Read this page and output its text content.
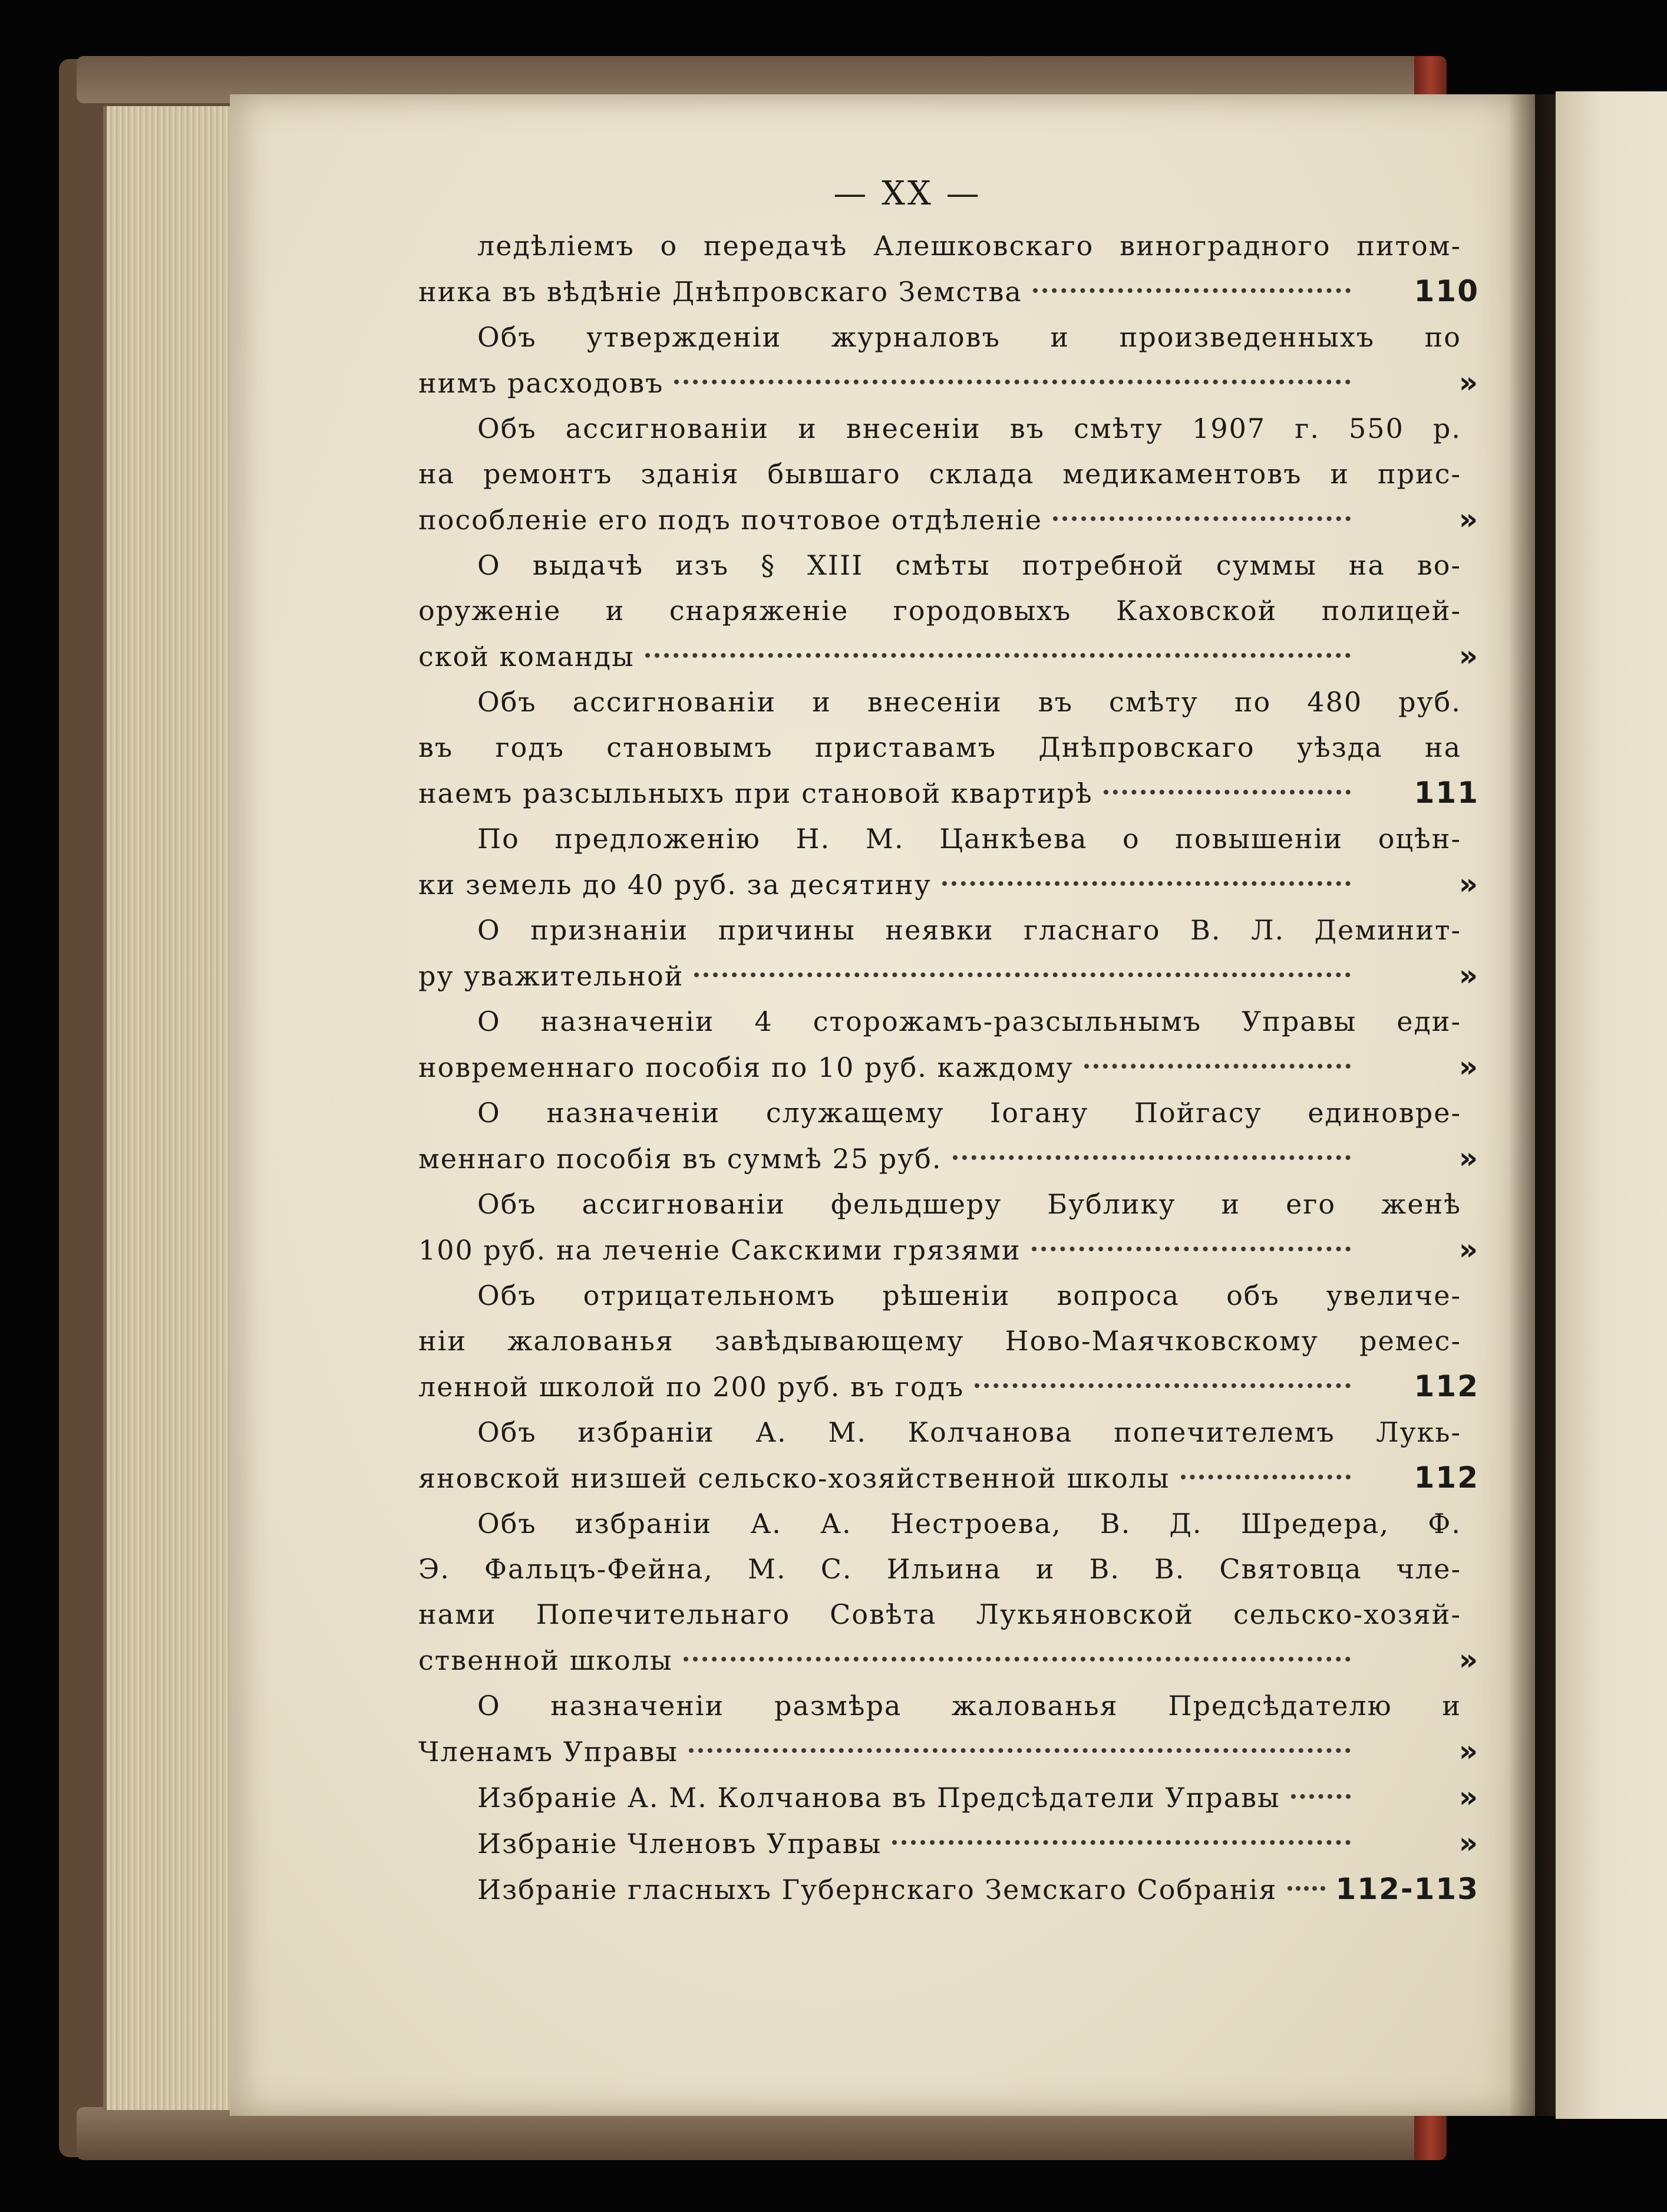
— XX —
ледѣліемъ о передачѣ Алешковскаго виноградного питом-
ника въ вѣдѣніе Днѣпровскаго Земства	110
Объ утвержденіи журналовъ и произведенныхъ по
нимъ расходовъ	»
Объ ассигнованіи и внесеніи въ смѣту 1907 г. 550 р.
на ремонтъ зданія бывшаго склада медикаментовъ и прис-
пособленіе его подъ почтовое отдѣленіе	»
О выдачѣ изъ § XIII смѣты потребной суммы на во-
оруженіе и снаряженіе городовыхъ Каховской полицей-
ской команды	»
Объ ассигнованіи и внесеніи въ смѣту по 480 руб.
въ годъ становымъ приставамъ Днѣпровскаго уѣзда на
наемъ разсыльныхъ при становой квартирѣ	111
По предложенію Н. М. Цанкѣева о повышеніи оцѣн-
ки земель до 40 руб. за десятину	»
О признаніи причины неявки гласнаго В. Л. Деминит-
ру уважительной	»
О назначеніи 4 сторожамъ-разсыльнымъ Управы еди-
новременнаго пособія по 10 руб. каждому	»
О назначеніи служащему Іогану Пойгасу единовре-
меннаго пособія въ суммѣ 25 руб.	»
Объ ассигнованіи фельдшеру Бублику и его женѣ
100 руб. на леченіе Сакскими грязями	»
Объ отрицательномъ рѣшеніи вопроса объ увеличе-
ніи жалованья завѣдывающему Ново-Маячковскому ремес-
ленной школой по 200 руб. въ годъ	112
Объ избраніи А. М. Колчанова попечителемъ Лукь-
яновской низшей сельско-хозяйственной школы	112
Объ избраніи А. А. Нестроева, В. Д. Шредера, Ф.
Э. Фальцъ-Фейна, М. С. Ильина и В. В. Святовца чле-
нами Попечительнаго Совѣта Лукьяновской сельско-хозяй-
ственной школы	»
О назначеніи размѣра жалованья Предсѣдателю и
Членамъ Управы	»
Избраніе А. М. Колчанова въ Предсѣдатели Управы	»
Избраніе Членовъ Управы	»
Избраніе гласныхъ Губернскаго Земскаго Собранія 112-113
